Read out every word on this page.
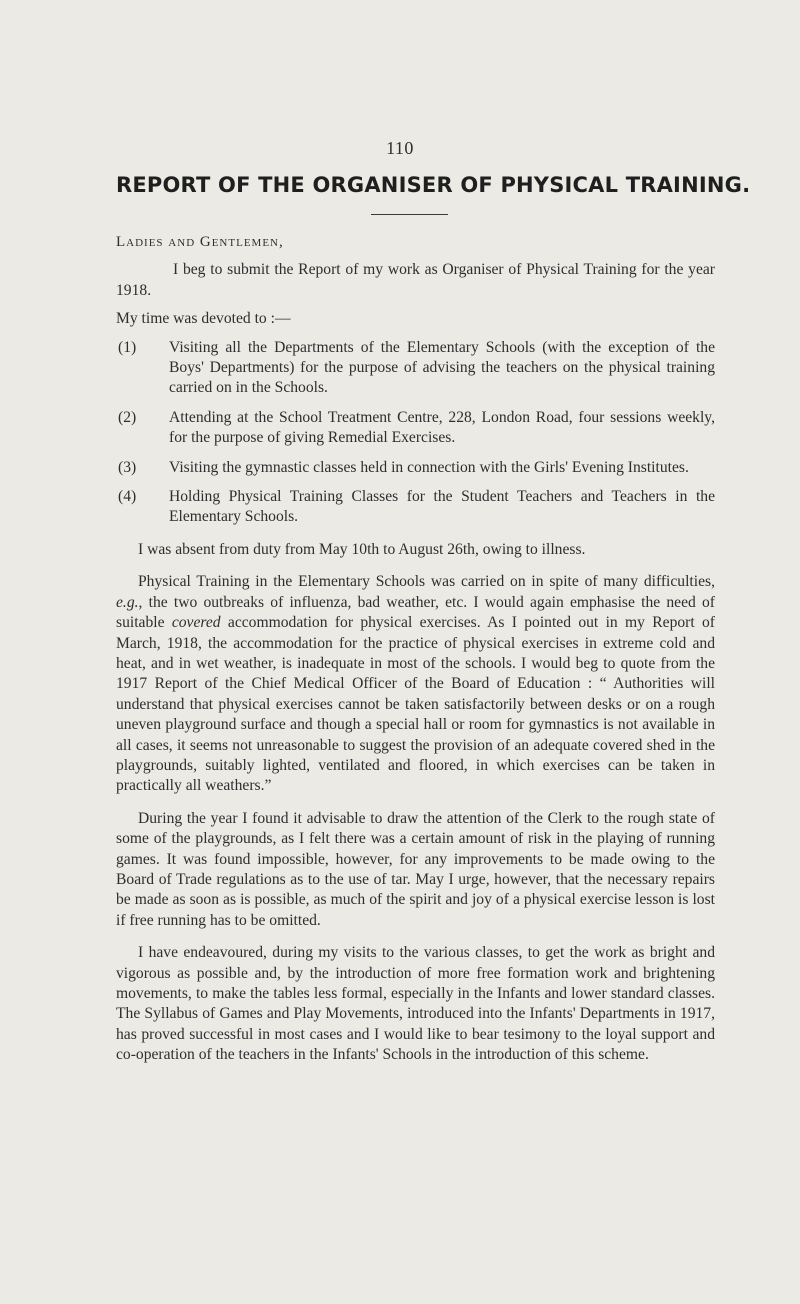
110
REPORT OF THE ORGANISER OF PHYSICAL TRAINING.

Ladies and Gentlemen,

I beg to submit the Report of my work as Organiser of Physical Training for the year 1918.

My time was devoted to :—

(1) Visiting all the Departments of the Elementary Schools (with the exception of the Boys' Departments) for the purpose of advising the teachers on the physical training carried on in the Schools.
(2) Attending at the School Treatment Centre, 228, London Road, four sessions weekly, for the purpose of giving Remedial Exercises.
(3) Visiting the gymnastic classes held in connection with the Girls' Evening Institutes.
(4) Holding Physical Training Classes for the Student Teachers and Teachers in the Elementary Schools.

I was absent from duty from May 10th to August 26th, owing to illness.

Physical Training in the Elementary Schools was carried on in spite of many difficulties, e.g., the two outbreaks of influenza, bad weather, etc. I would again emphasise the need of suitable covered accommodation for physical exercises. As I pointed out in my Report of March, 1918, the accommodation for the practice of physical exercises in extreme cold and heat, and in wet weather, is inadequate in most of the schools. I would beg to quote from the 1917 Report of the Chief Medical Officer of the Board of Education : “ Authorities will understand that physical exercises cannot be taken satisfactorily between desks or on a rough uneven playground surface and though a special hall or room for gymnastics is not available in all cases, it seems not unreasonable to suggest the provision of an adequate covered shed in the playgrounds, suitably lighted, ventilated and floored, in which exercises can be taken in practically all weathers.”

During the year I found it advisable to draw the attention of the Clerk to the rough state of some of the playgrounds, as I felt there was a certain amount of risk in the playing of running games. It was found impossible, however, for any improvements to be made owing to the Board of Trade regulations as to the use of tar. May I urge, however, that the necessary repairs be made as soon as is possible, as much of the spirit and joy of a physical exercise lesson is lost if free running has to be omitted.

I have endeavoured, during my visits to the various classes, to get the work as bright and vigorous as possible and, by the introduction of more free formation work and brightening movements, to make the tables less formal, especially in the Infants and lower standard classes. The Syllabus of Games and Play Movements, introduced into the Infants' Departments in 1917, has proved successful in most cases and I would like to bear tesimony to the loyal support and co-operation of the teachers in the Infants' Schools in the introduction of this scheme.
